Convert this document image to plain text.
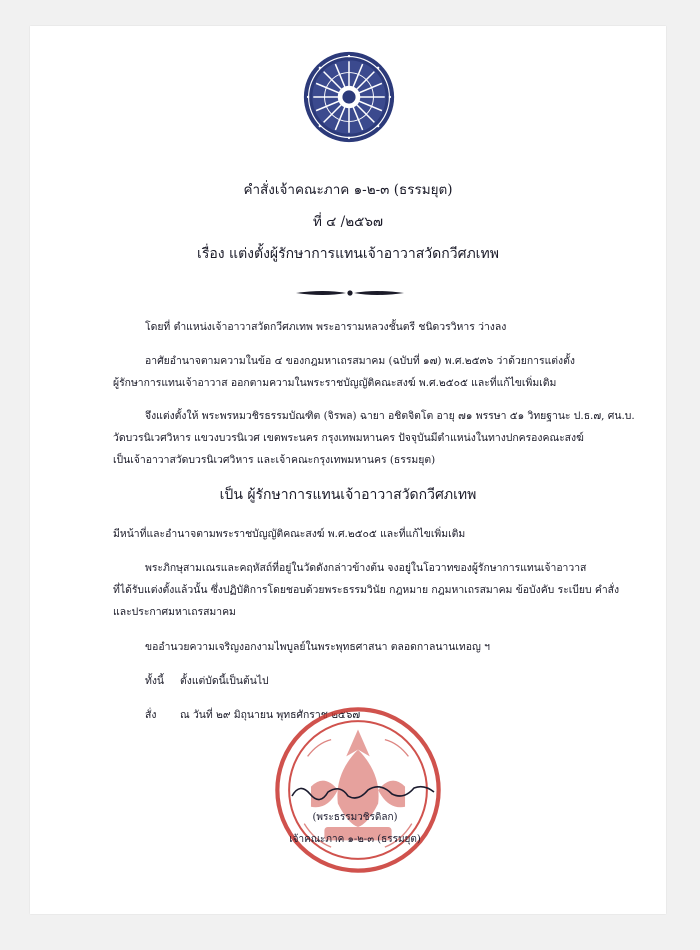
คำสั่งเจ้าคณะภาค ๑-๒-๓ (ธรรมยุต)
ที่ ๔ /๒๕๖๗
เรื่อง แต่งตั้งผู้รักษาการแทนเจ้าอาวาสวัดกวีศภเทพ
โดยที่ ตำแหน่งเจ้าอาวาสวัดกวีศภเทพ พระอารามหลวงชั้นตรี ชนิดวรวิหาร ว่างลง
อาศัยอำนาจตามความในข้อ ๔ ของกฎมหาเถรสมาคม (ฉบับที่ ๑๗) พ.ศ.๒๕๓๖ ว่าด้วยการแต่งตั้ง
ผู้รักษาการแทนเจ้าอาวาส ออกตามความในพระราชบัญญัติคณะสงฆ์ พ.ศ.๒๕๐๕ และที่แก้ไขเพิ่มเติม
จึงแต่งตั้งให้ พระพรหมวชิรธรรมบัณฑิต (จิรพล) ฉายา อชิตจิตโต อายุ ๗๑ พรรษา ๕๑ วิทยฐานะ ป.ธ.๗, ศน.บ.
วัดบวรนิเวศวิหาร แขวงบวรนิเวศ เขตพระนคร กรุงเทพมหานคร ปัจจุบันมีตำแหน่งในทางปกครองคณะสงฆ์
เป็นเจ้าอาวาสวัดบวรนิเวศวิหาร และเจ้าคณะกรุงเทพมหานคร (ธรรมยุต)
เป็น ผู้รักษาการแทนเจ้าอาวาสวัดกวีศภเทพ
มีหน้าที่และอำนาจตามพระราชบัญญัติคณะสงฆ์ พ.ศ.๒๕๐๕ และที่แก้ไขเพิ่มเติม
พระภิกษุสามเณรและคฤหัสถ์ที่อยู่ในวัดดังกล่าวข้างต้น จงอยู่ในโอวาทของผู้รักษาการแทนเจ้าอาวาส
ที่ได้รับแต่งตั้งแล้วนั้น ซึ่งปฏิบัติการโดยชอบด้วยพระธรรมวินัย กฎหมาย กฎมหาเถรสมาคม ข้อบังคับ ระเบียบ คำสั่ง
และประกาศมหาเถรสมาคม
ขออำนวยความเจริญงอกงามไพบูลย์ในพระพุทธศาสนา ตลอดกาลนานเทอญ ฯ
ทั้งนี้ ตั้งแต่บัดนี้เป็นต้นไป
สั่ง ณ วันที่ ๒๙ มิถุนายน พุทธศักราช ๒๕๖๗
(พระธรรมวชิรดิลก)
เจ้าคณะภาค ๑-๒-๓ (ธรรมยุต)
